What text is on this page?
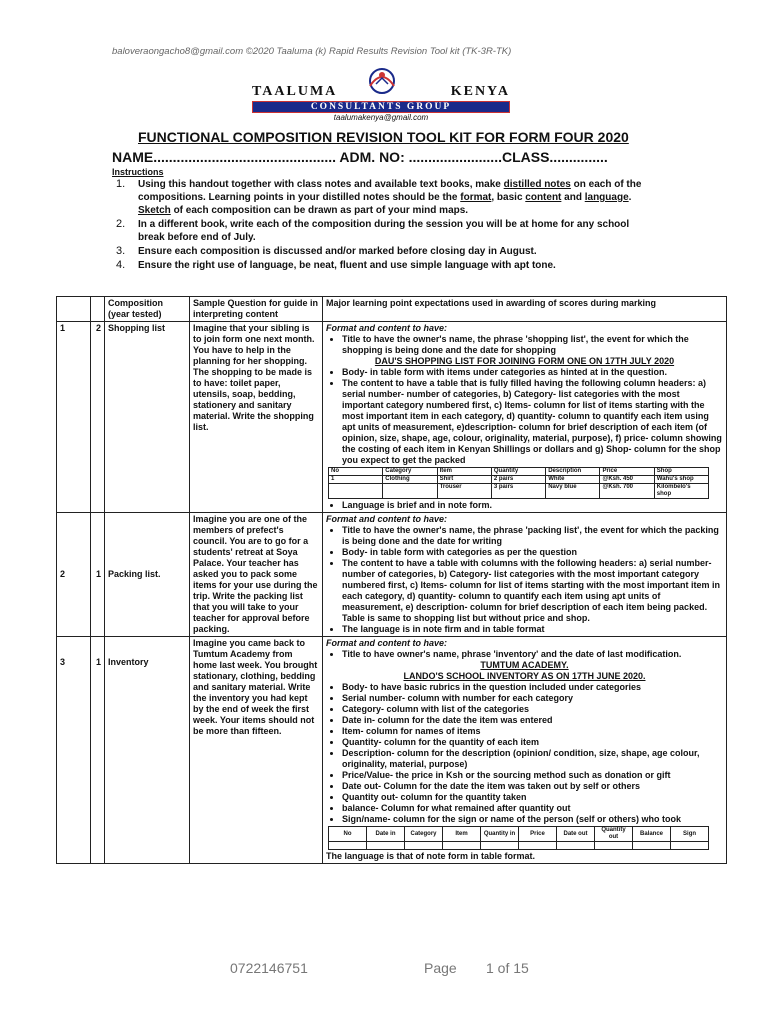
baloveraongacho8@gmail.com ©2020 Taaluma (k) Rapid Results Revision Tool kit (TK-3R-TK)
TAALUMA	KENYA
CONSULTANTS GROUP
taalumakenya@gmail.com
FUNCTIONAL COMPOSITION REVISION TOOL KIT FOR FORM FOUR 2020
NAME............................................... ADM. NO: ........................CLASS...............
Instructions
1. Using this handout together with class notes and available text books, make distilled notes on each of the compositions. Learning points in your distilled notes should be the format, basic content and language. Sketch of each composition can be drawn as part of your mind maps.
2. In a different book, write each of the composition during the session you will be at home for any school break before end of July.
3. Ensure each composition is discussed and/or marked before closing day in August.
4. Ensure the right use of language, be neat, fluent and use simple language with apt tone.
		Composition (year tested)	Sample Question for guide in interpreting content	Major learning point expectations used in awarding of scores during marking
1	2	Shopping list	Imagine that your sibling is to join form one next month. You have to help in the planning for her shopping. The shopping to be made is to have: toilet paper, utensils, soap, bedding, stationery and sanitary material. Write the shopping list.	
Format and content to have:
• Title to have the owner's name, the phrase 'shopping list', the event for which the shopping is being done and the date for shopping
DAU'S SHOPPING LIST FOR JOINING FORM ONE ON 17TH JULY 2020
• Body- in table form with items under categories as hinted at in the question.
• The content to have a table that is fully filled having the following column headers: a) serial number- number of categories, b) Category- list categories with the most important category numbered first, c) Items- column for list of items starting with the most important item in each category, d) quantity- column to quantify each item using apt units of measurement, e)description- column for brief description of each item (of opinion, size, shape, age, colour, originality, material, purpose), f) price- column showing the costing of each item in Kenyan Shillings or dollars and g) Shop- column for the shop you expect to get the packed
No	Category	Item	Quantity	Description	Price	Shop
1	Clothing	Shirt	2 pairs	White	@Ksh. 450	Wahu's shop
		Trouser	3 pairs	Navy blue	@Ksh. 700	Kilombelo's shop
• Language is brief and in note form.

2	1	Packing list.	Imagine you are one of the members of prefect's council. You are to go for a students' retreat at Soya Palace. Your teacher has asked you to pack some items for your use during the trip. Write the packing list that you will take to your teacher for approval before packing.	
Format and content to have:
• Title to have the owner's name, the phrase 'packing list', the event for which the packing is being done and the date for writing
• Body- in table form with categories as per the question
• The content to have a table with columns with the following headers: a) serial number- number of categories, b) Category- list categories with the most important category numbered first, c) Items- column for list of items starting with the most important item in each category, d) quantity- column to quantify each item using apt units of measurement, e) description- column for brief description of each item being packed. Table is same to shopping list but without price and shop.
• The language is in note firm and in table format

3	1	Inventory	Imagine you came back to Tumtum Academy from home last week. You brought stationary, clothing, bedding and sanitary material. Write the inventory you had kept by the end of week the first week. Your items should not be more than fifteen.	
Format and content to have:
• Title to have owner's name, phrase 'inventory' and the date of last modification.
TUMTUM ACADEMY.
LANDO'S SCHOOL INVENTORY AS ON 17TH JUNE 2020.
• Body- to have basic rubrics in the question included under categories
• Serial number- column with number for each category
• Category- column with list of the categories
• Date in- column for the date the item was entered
• Item- column for names of items
• Quantity- column for the quantity of each item
• Description- column for the description (opinion/ condition, size, shape, age colour, originality, material, purpose)
• Price/Value- the price in Ksh or the sourcing method such as donation or gift
• Date out- Column for the date the item was taken out by self or others
• Quantity out- column for the quantity taken
• balance- Column for what remained after quantity out
• Sign/name- column for the sign or name of the person (self or others) who took
No	Date in	Category	Item	Quantity in	Price	Date out	Quantity out	Balance	Sign

The language is that of note form in table format.
0722146751	Page 1 of 15
